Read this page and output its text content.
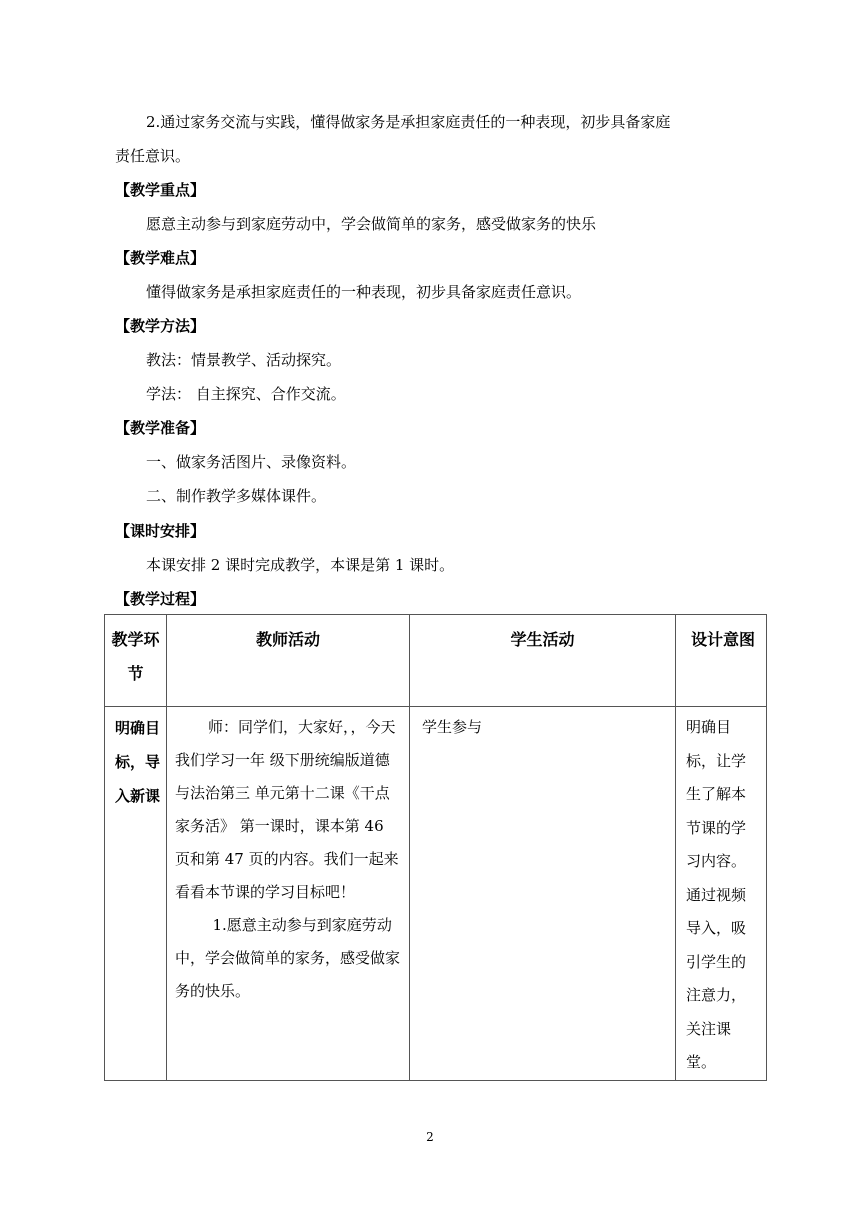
2.通过家务交流与实践，懂得做家务是承担家庭责任的一种表现，初步具备家庭
责任意识。
【教学重点】
愿意主动参与到家庭劳动中，学会做简单的家务，感受做家务的快乐
【教学难点】
懂得做家务是承担家庭责任的一种表现，初步具备家庭责任意识。
【教学方法】
教法：情景教学、活动探究。
学法： 自主探究、合作交流。
【教学准备】
一、做家务活图片、录像资料。
二、制作教学多媒体课件。
【课时安排】
本课安排 2 课时完成教学，本课是第 1 课时。
【教学过程】
教学环节	教师活动	学生活动	设计意图

明确目标，导入新课	师：同学们，大家好，，今天我们学习一年 级下册统编版道德与法治第三 单元第十二课《干点家务活》 第一课时，课本第 46 页和第 47 页的内容。我们一起来看看本节课的学习目标吧！
1.愿意主动参与到家庭劳动中，学会做简单的家务，感受做家务的快乐。	学生参与	明确目标，让学生了解本节课的学习内容。通过视频导入，吸引学生的注意力，关注课堂。
2
